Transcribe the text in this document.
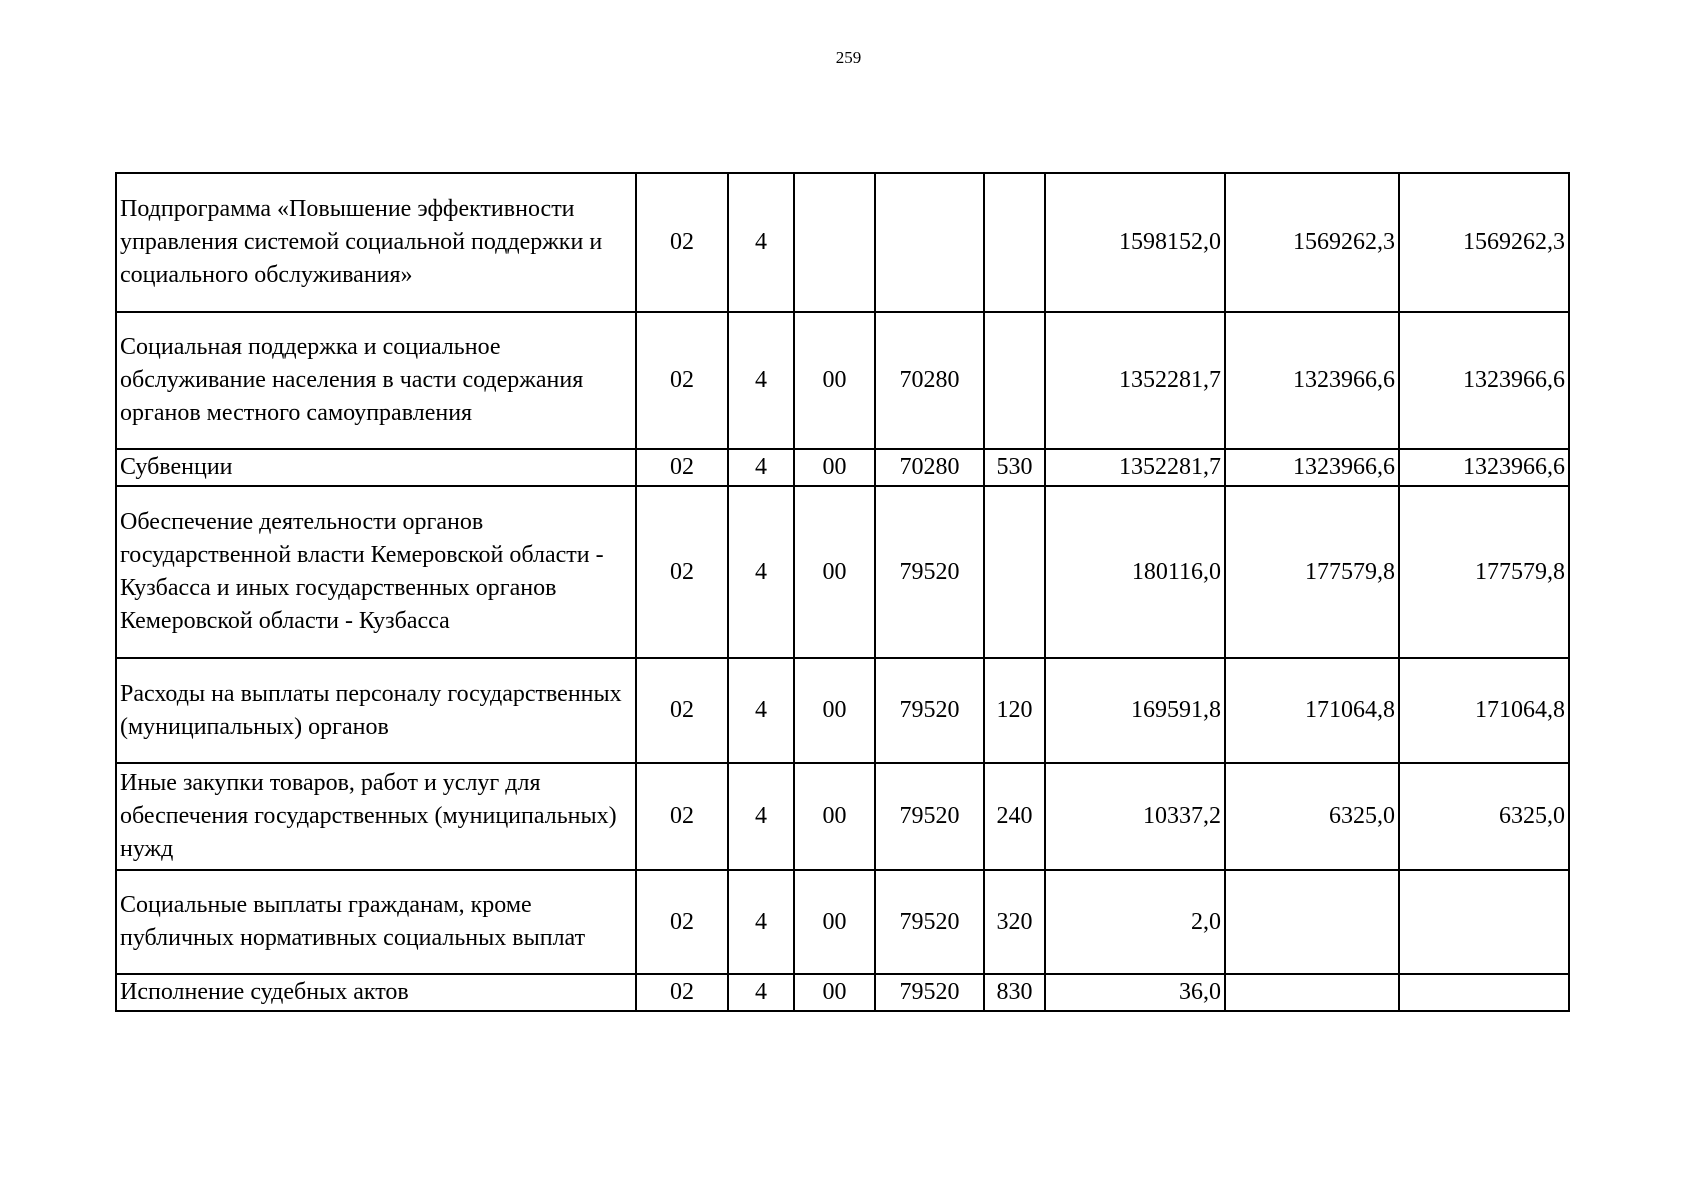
259
Подпрограмма «Повышение эффективности управления системой социальной поддержки и социального обслуживания»	02	4				1598152,0	1569262,3	1569262,3
Социальная поддержка и социальное обслуживание населения в части содержания органов местного самоуправления	02	4	00	70280		1352281,7	1323966,6	1323966,6
Субвенции	02	4	00	70280	530	1352281,7	1323966,6	1323966,6
Обеспечение деятельности органов государственной власти Кемеровской области - Кузбасса и иных государственных органов Кемеровской области - Кузбасса	02	4	00	79520		180116,0	177579,8	177579,8
Расходы на выплаты персоналу государственных (муниципальных) органов	02	4	00	79520	120	169591,8	171064,8	171064,8
Иные закупки товаров, работ и услуг для обеспечения государственных (муниципальных) нужд	02	4	00	79520	240	10337,2	6325,0	6325,0
Социальные выплаты гражданам, кроме публичных нормативных социальных выплат	02	4	00	79520	320	2,0		
Исполнение судебных актов	02	4	00	79520	830	36,0		
